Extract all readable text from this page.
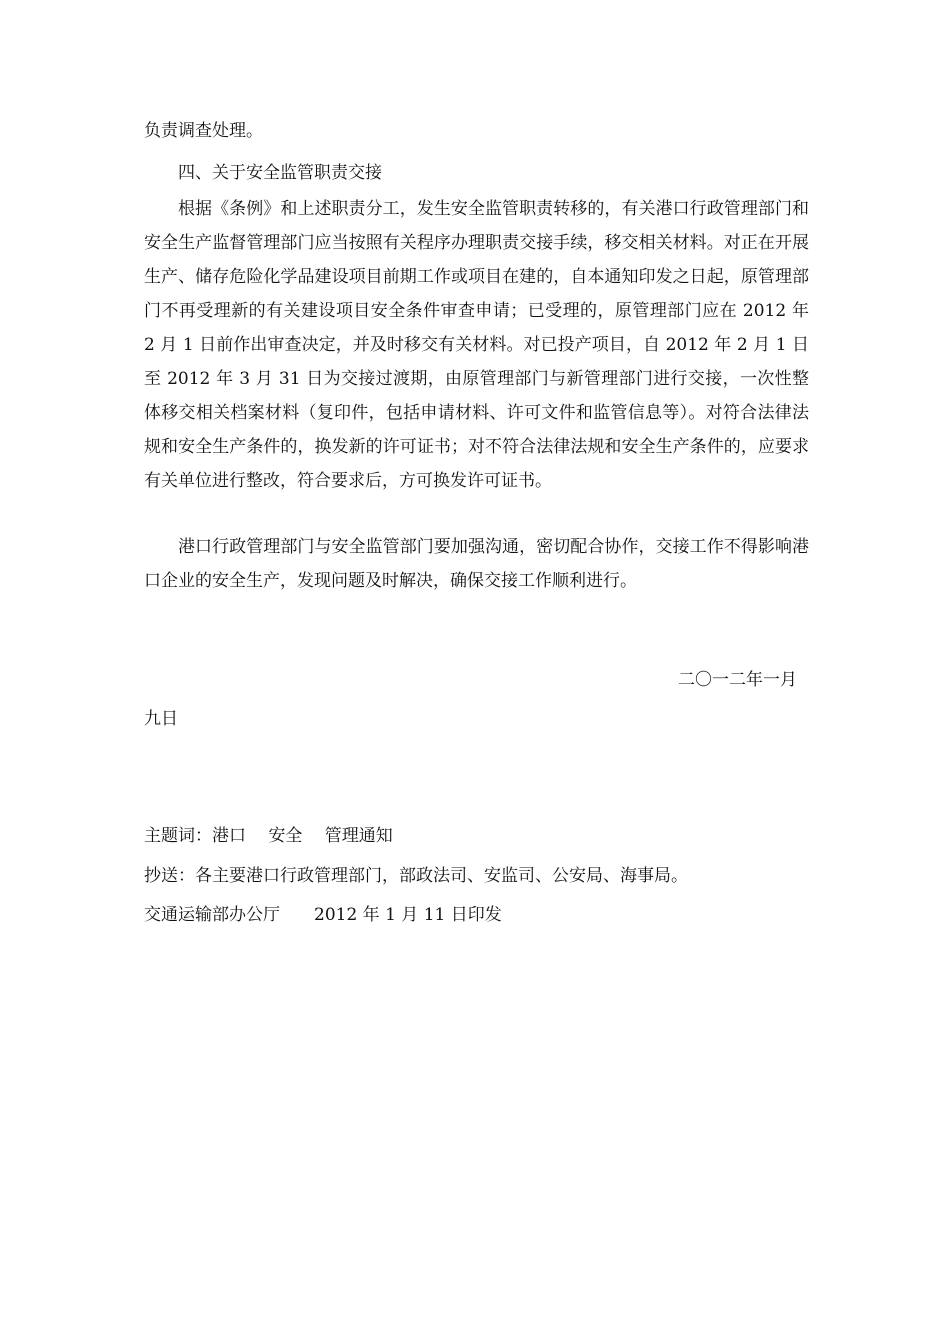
负责调查处理。
四、关于安全监管职责交接
根据《条例》和上述职责分工，发生安全监管职责转移的，有关港口行政管理部门和安全生产监督管理部门应当按照有关程序办理职责交接手续，移交相关材料。对正在开展生产、储存危险化学品建设项目前期工作或项目在建的，自本通知印发之日起，原管理部门不再受理新的有关建设项目安全条件审查申请；已受理的，原管理部门应在 2012 年 2 月 1 日前作出审查决定，并及时移交有关材料。对已投产项目，自 2012 年 2 月 1 日至 2012 年 3 月 31 日为交接过渡期，由原管理部门与新管理部门进行交接，一次性整体移交相关档案材料（复印件，包括申请材料、许可文件和监管信息等）。对符合法律法规和安全生产条件的，换发新的许可证书；对不符合法律法规和安全生产条件的，应要求有关单位进行整改，符合要求后，方可换发许可证书。
港口行政管理部门与安全监管部门要加强沟通，密切配合协作，交接工作不得影响港口企业的安全生产，发现问题及时解决，确保交接工作顺利进行。
二〇一二年一月
九日
主题词：港口　 安全　 管理通知
抄送：各主要港口行政管理部门，部政法司、安监司、公安局、海事局。
交通运输部办公厅　　2012 年 1 月 11 日印发
